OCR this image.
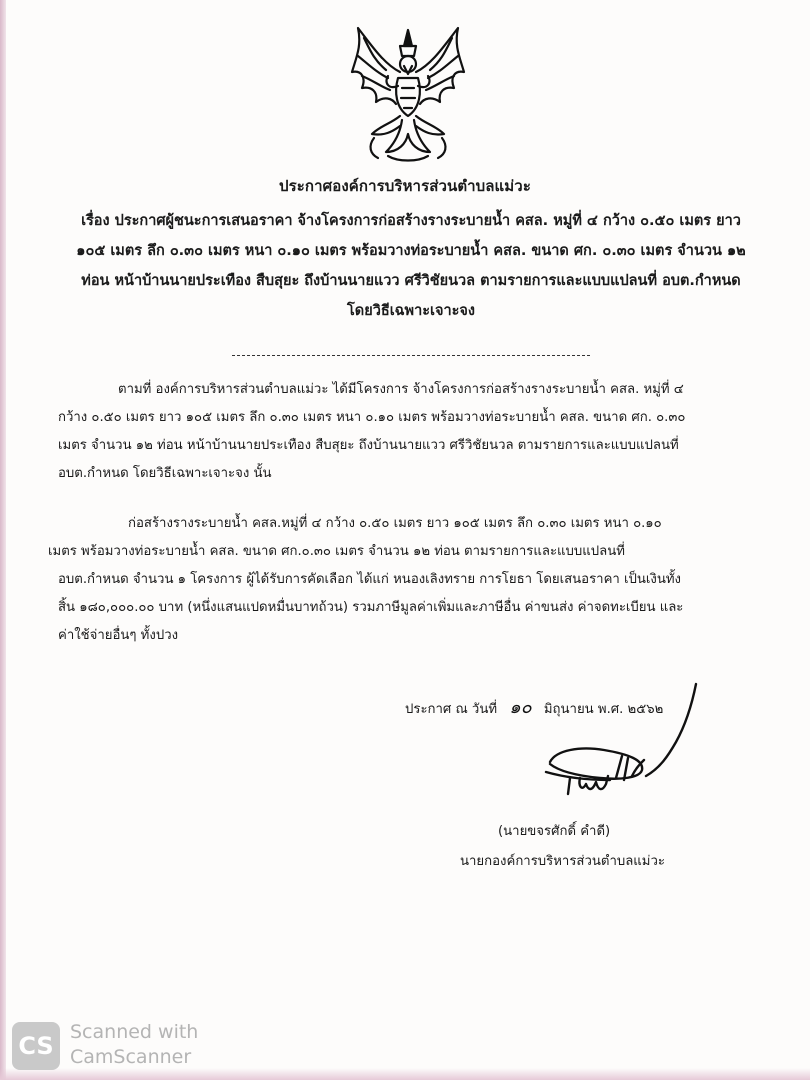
ประกาศองค์การบริหารส่วนตำบลแม่วะ
เรื่อง ประกาศผู้ชนะการเสนอราคา จ้างโครงการก่อสร้างรางระบายน้ำ คสล. หมู่ที่ ๔ กว้าง ๐.๕๐ เมตร ยาว
๑๐๕ เมตร ลึก ๐.๓๐ เมตร หนา ๐.๑๐ เมตร พร้อมวางท่อระบายน้ำ คสล. ขนาด ศก. ๐.๓๐ เมตร จำนวน ๑๒
ท่อน หน้าบ้านนายประเทือง สืบสุยะ ถึงบ้านนายแวว ศรีวิชัยนวล ตามรายการและแบบแปลนที่ อบต.กำหนด
โดยวิธีเฉพาะเจาะจง
ตามที่ องค์การบริหารส่วนตำบลแม่วะ ได้มีโครงการ จ้างโครงการก่อสร้างรางระบายน้ำ คสล. หมู่ที่ ๔
กว้าง ๐.๕๐ เมตร ยาว ๑๐๕ เมตร ลึก ๐.๓๐ เมตร หนา ๐.๑๐ เมตร พร้อมวางท่อระบายน้ำ คสล. ขนาด ศก. ๐.๓๐
เมตร จำนวน ๑๒ ท่อน หน้าบ้านนายประเทือง สืบสุยะ ถึงบ้านนายแวว ศรีวิชัยนวล ตามรายการและแบบแปลนที่
อบต.กำหนด โดยวิธีเฉพาะเจาะจง นั้น
ก่อสร้างรางระบายน้ำ คสล.หมู่ที่ ๔ กว้าง ๐.๕๐ เมตร ยาว ๑๐๕ เมตร ลึก ๐.๓๐ เมตร หนา ๐.๑๐
เมตร พร้อมวางท่อระบายน้ำ คสล. ขนาด ศก.๐.๓๐ เมตร จำนวน ๑๒ ท่อน ตามรายการและแบบแปลนที่
อบต.กำหนด จำนวน ๑ โครงการ ผู้ได้รับการคัดเลือก ได้แก่ หนองเลิงทราย การโยธา โดยเสนอราคา เป็นเงินทั้ง
สิ้น ๑๘๐,๐๐๐.๐๐ บาท (หนึ่งแสนแปดหมื่นบาทถ้วน) รวมภาษีมูลค่าเพิ่มและภาษีอื่น ค่าขนส่ง ค่าจดทะเบียน และ
ค่าใช้จ่ายอื่นๆ ทั้งปวง
ประกาศ ณ วันที่ ๑๐ มิถุนายน พ.ศ. ๒๕๖๒
(นายขจรศักดิ์ คำดี)
นายกองค์การบริหารส่วนตำบลแม่วะ
CS Scanned with
CamScanner
